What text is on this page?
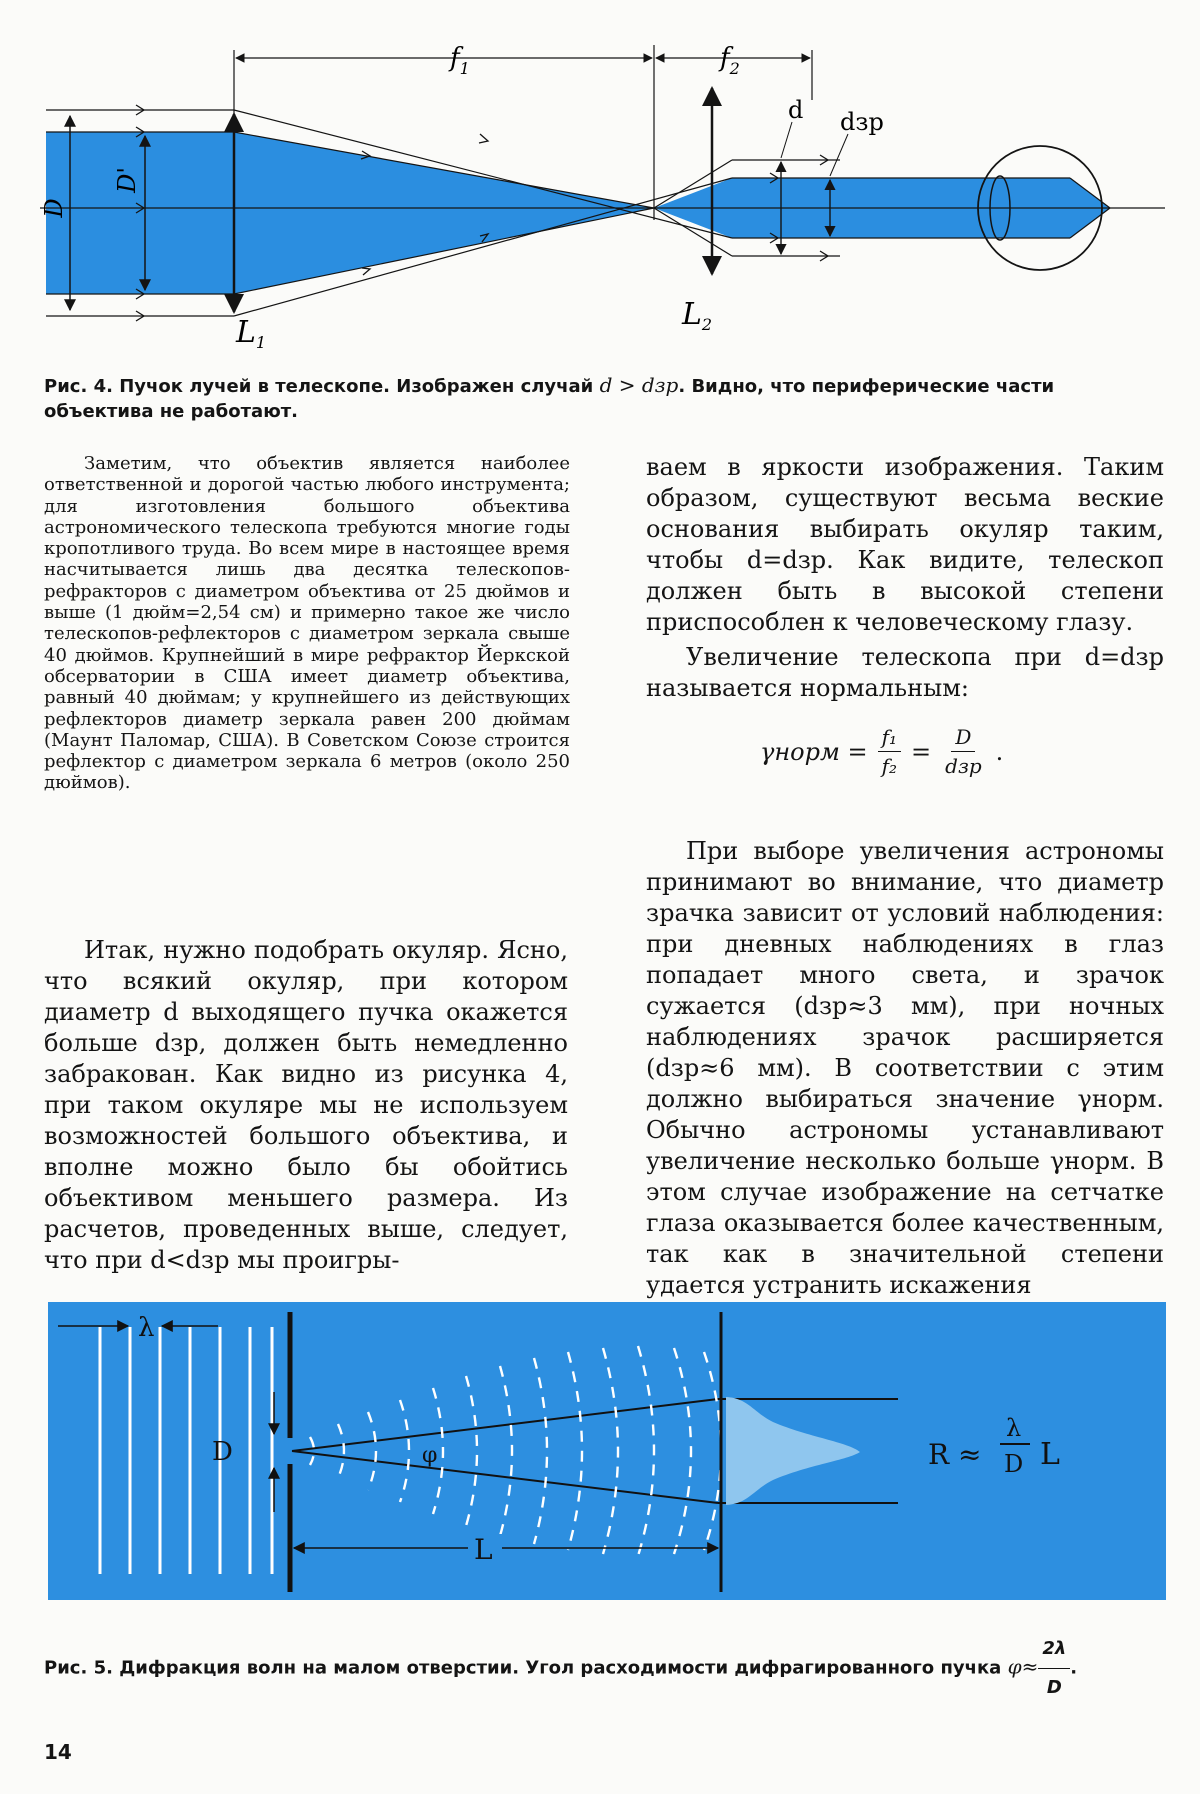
$f_1$	$f_2$
D
D'
$L_1$
$L_2$
d dзр
Рис. 4. Пучок лучей в телескопе. Изображен случай d > dзр. Видно, что периферические части объектива не работают.

Заметим, что объектив является наиболее ответственной и дорогой частью любого инструмента; для изготовления большого объектива астрономического телескопа требуются многие годы кропотливого труда. Во всем мире в настоящее время насчитывается лишь два десятка телескопов-рефракторов с диаметром объектива от 25 дюймов и выше (1 дюйм=2,54 см) и примерно такое же число телескопов-рефлекторов с диаметром зеркала свыше 40 дюймов. Крупнейший в мире рефрактор Йеркской обсерватории в США имеет диаметр объектива, равный 40 дюймам; у крупнейшего из действующих рефлекторов диаметр зеркала равен 200 дюймам (Маунт Паломар, США). В Советском Союзе строится рефлектор с диаметром зеркала 6 метров (около 250 дюймов).

Итак, нужно подобрать окуляр. Ясно, что всякий окуляр, при котором диаметр d выходящего пучка окажется больше dзр, должен быть немедленно забракован. Как видно из рисунка 4, при таком окуляре мы не используем возможностей большого объектива, и вполне можно было бы обойтись объективом меньшего размера. Из расчетов, проведенных выше, следует, что при d<dзр мы проигры-

ваем в яркости изображения. Таким образом, существуют весьма веские основания выбирать окуляр таким, чтобы d=dзр. Как видите, телескоп должен быть в высокой степени приспособлен к человеческому глазу.

Увеличение телескопа при d=dзр называется нормальным:

При выборе увеличения астрономы принимают во внимание, что диаметр зрачка зависит от условий наблюдения: при дневных наблюдениях в глаз попадает много света, и зрачок сужается (dзр≈3 мм), при ночных наблюдениях зрачок расширяется (dзр≈6 мм). В соответствии с этим должно выбираться значение γнорм. Обычно астрономы устанавливают увеличение несколько больше γнорм. В этом случае изображение на сетчатке глаза оказывается более качественным, так как в значительной степени удается устранить искажения

γнорм = $\frac{\text{f₁}}{\text{f₂}} = \frac{D}{\text{dзр}}$ .
λ
D	φ
L
R ≈
λ
D L
Рис. 5. Дифракция волн на малом отверстии. Угол расходимости дифрагированного пучка $\varphi\approx \frac{2\lambda}{D}$ .
14
